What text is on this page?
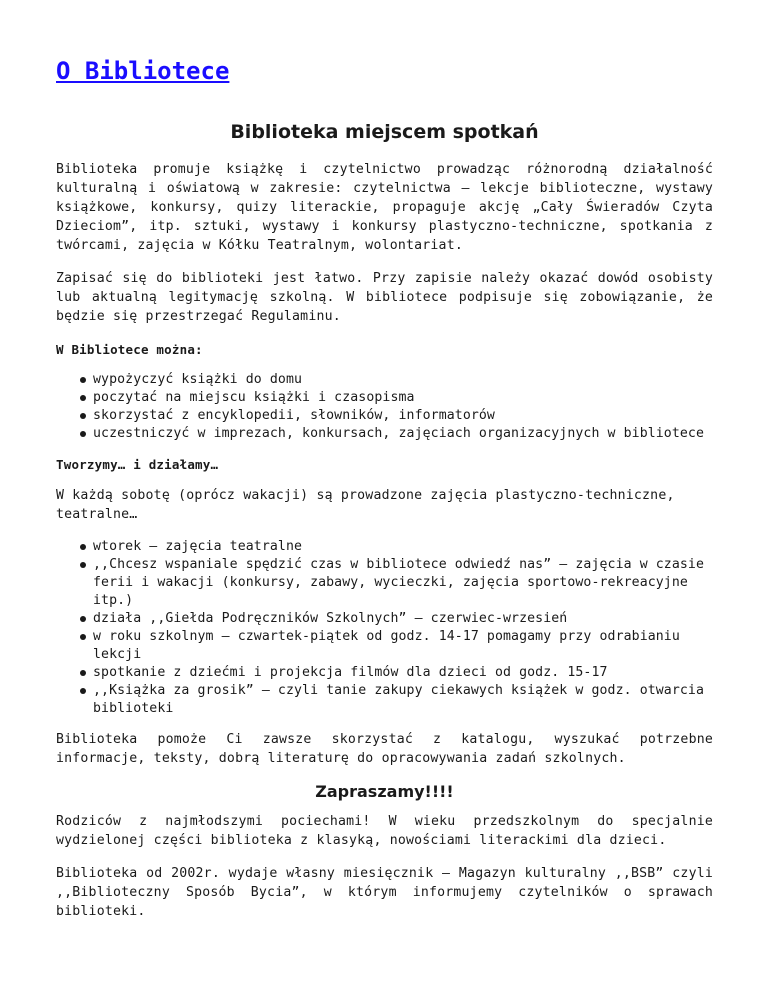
O Bibliotece
Biblioteka miejscem spotkań

Biblioteka promuje książkę i czytelnictwo prowadząc różnorodną działalność kulturalną i oświatową w zakresie: czytelnictwa – lekcje biblioteczne, wystawy książkowe, konkursy, quizy literackie, propaguje akcję „Cały Świeradów Czyta Dzieciom”, itp. sztuki, wystawy i konkursy plastyczno-techniczne, spotkania z twórcami, zajęcia w Kółku Teatralnym, wolontariat.

Zapisać się do biblioteki jest łatwo. Przy zapisie należy okazać dowód osobisty lub aktualną legitymację szkolną. W bibliotece podpisuje się zobowiązanie, że będzie się przestrzegać Regulaminu.

W Bibliotece można:

wypożyczyć książki do domu
poczytać na miejscu książki i czasopisma
skorzystać z encyklopedii, słowników, informatorów
uczestniczyć w imprezach, konkursach, zajęciach organizacyjnych w bibliotece

Tworzymy… i działamy…

W każdą sobotę (oprócz wakacji) są prowadzone zajęcia plastyczno-techniczne, teatralne…

wtorek – zajęcia teatralne
,,Chcesz wspaniale spędzić czas w bibliotece odwiedź nas” – zajęcia w czasie ferii i wakacji (konkursy, zabawy, wycieczki, zajęcia sportowo-rekreacyjne itp.)
działa ,,Giełda Podręczników Szkolnych” – czerwiec-wrzesień
w roku szkolnym – czwartek-piątek od godz. 14-17 pomagamy przy odrabianiu lekcji
spotkanie z dziećmi i projekcja filmów dla dzieci od godz. 15-17
,,Książka za grosik” – czyli tanie zakupy ciekawych książek w godz. otwarcia biblioteki

Biblioteka pomoże Ci zawsze skorzystać z katalogu, wyszukać potrzebne informacje, teksty, dobrą literaturę do opracowywania zadań szkolnych.

Zapraszamy!!!!

Rodziców z najmłodszymi pociechami! W wieku przedszkolnym do specjalnie wydzielonej części biblioteka z klasyką, nowościami literackimi dla dzieci.

Biblioteka od 2002r. wydaje własny miesięcznik – Magazyn kulturalny ,,BSB” czyli ,,Biblioteczny Sposób Bycia”, w którym informujemy czytelników o sprawach biblioteki.
